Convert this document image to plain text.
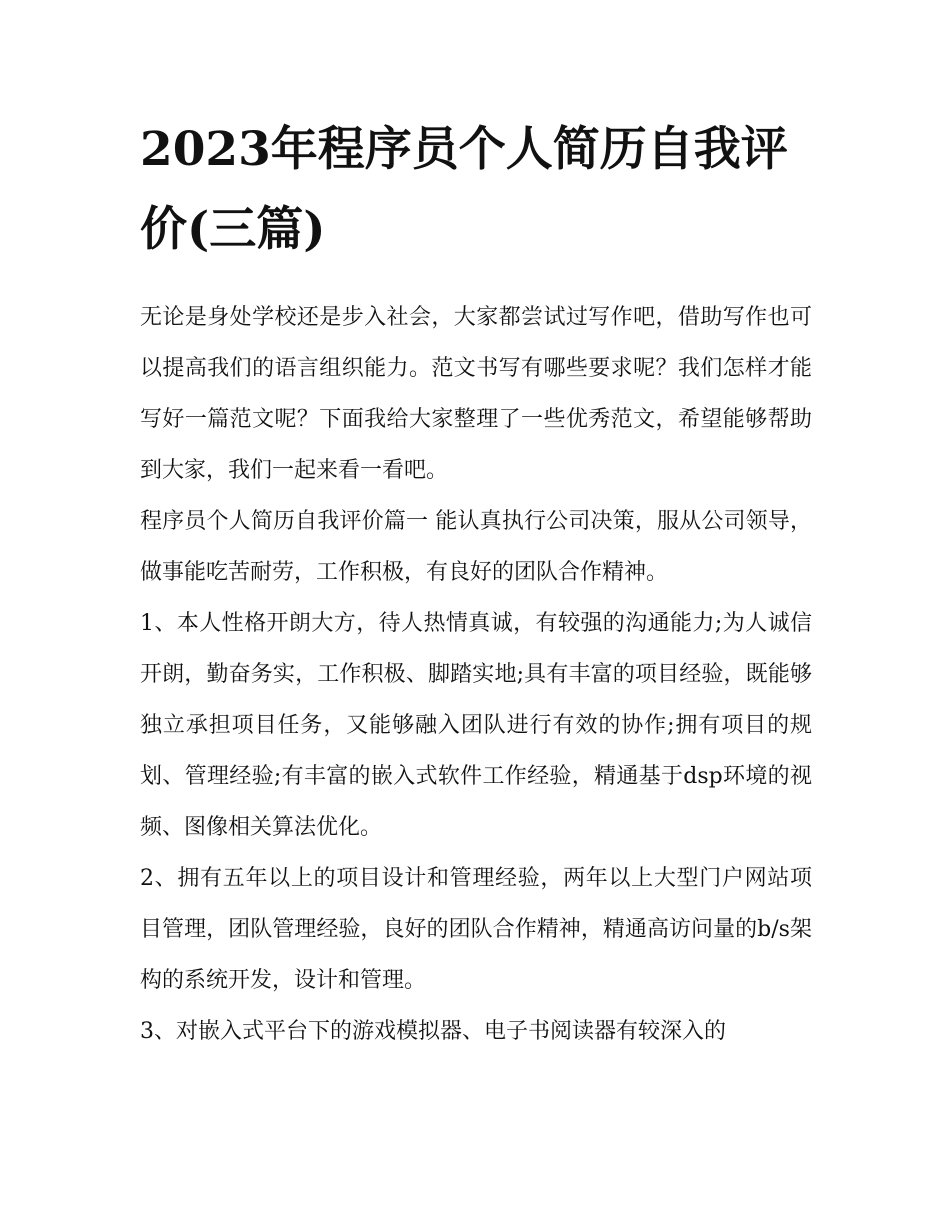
2023年程序员个人简历自我评价(三篇)

无论是身处学校还是步入社会，大家都尝试过写作吧，借助写作也可以提高我们的语言组织能力。范文书写有哪些要求呢？我们怎样才能写好一篇范文呢？下面我给大家整理了一些优秀范文，希望能够帮助到大家，我们一起来看一看吧。

程序员个人简历自我评价篇一 能认真执行公司决策，服从公司领导，做事能吃苦耐劳，工作积极，有良好的团队合作精神。

1、本人性格开朗大方，待人热情真诚，有较强的沟通能力;为人诚信开朗，勤奋务实，工作积极、脚踏实地;具有丰富的项目经验，既能够独立承担项目任务，又能够融入团队进行有效的协作;拥有项目的规划、管理经验;有丰富的嵌入式软件工作经验，精通基于dsp环境的视频、图像相关算法优化。

2、拥有五年以上的项目设计和管理经验，两年以上大型门户网站项目管理，团队管理经验，良好的团队合作精神，精通高访问量的b/s架构的系统开发，设计和管理。

3、对嵌入式平台下的游戏模拟器、电子书阅读器有较深入的
